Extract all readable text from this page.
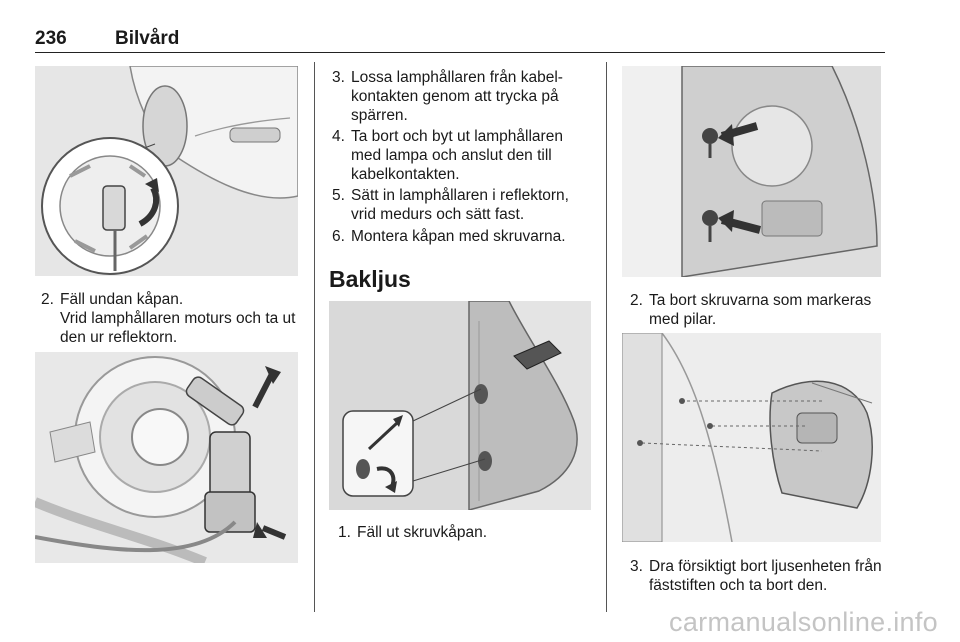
236	Bilvård
2. Fäll undan kåpan.
Vrid lamphållaren moturs och ta ut den ur reflektorn.
3. Lossa lamphållaren från kabelkontakten genom att trycka på spärren.
4. Ta bort och byt ut lamphållaren med lampa och anslut den till kabelkontakten.
5. Sätt in lamphållaren i reflektorn, vrid medurs och sätt fast.
6. Montera kåpan med skruvarna.
Bakljus
1. Fäll ut skruvkåpan.
2. Ta bort skruvarna som markeras med pilar.
3. Dra försiktigt bort ljusenheten från fäststiften och ta bort den.
carmanualsonline.info
